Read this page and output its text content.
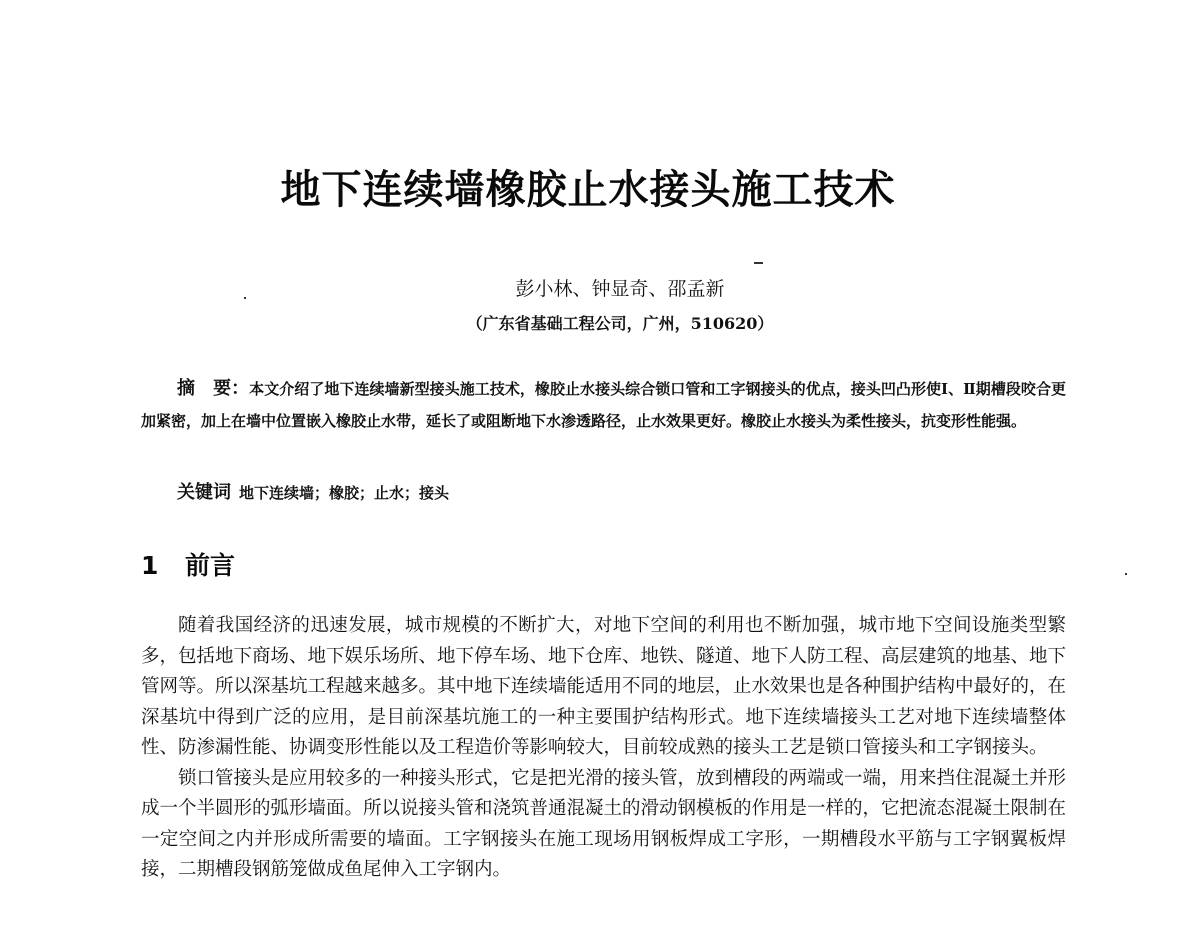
地下连续墙橡胶止水接头施工技术
彭小林、钟显奇、邵孟新
（广东省基础工程公司，广州，510620）
摘　要：本文介绍了地下连续墙新型接头施工技术，橡胶止水接头综合锁口管和工字钢接头的优点，接头凹凸形使Ⅰ、Ⅱ期槽段咬合更加紧密，加上在墙中位置嵌入橡胶止水带，延长了或阻断地下水渗透路径，止水效果更好。橡胶止水接头为柔性接头，抗变形性能强。
关键词 地下连续墙；橡胶；止水；接头
1 前言

随着我国经济的迅速发展，城市规模的不断扩大，对地下空间的利用也不断加强，城市地下空间设施类型繁多，包括地下商场、地下娱乐场所、地下停车场、地下仓库、地铁、隧道、地下人防工程、高层建筑的地基、地下管网等。所以深基坑工程越来越多。其中地下连续墙能适用不同的地层，止水效果也是各种围护结构中最好的，在深基坑中得到广泛的应用，是目前深基坑施工的一种主要围护结构形式。地下连续墙接头工艺对地下连续墙整体性、防渗漏性能、协调变形性能以及工程造价等影响较大，目前较成熟的接头工艺是锁口管接头和工字钢接头。

锁口管接头是应用较多的一种接头形式，它是把光滑的接头管，放到槽段的两端或一端，用来挡住混凝土并形成一个半圆形的弧形墙面。所以说接头管和浇筑普通混凝土的滑动钢模板的作用是一样的，它把流态混凝土限制在一定空间之内并形成所需要的墙面。工字钢接头在施工现场用钢板焊成工字形，一期槽段水平筋与工字钢翼板焊接，二期槽段钢筋笼做成鱼尾伸入工字钢内。
